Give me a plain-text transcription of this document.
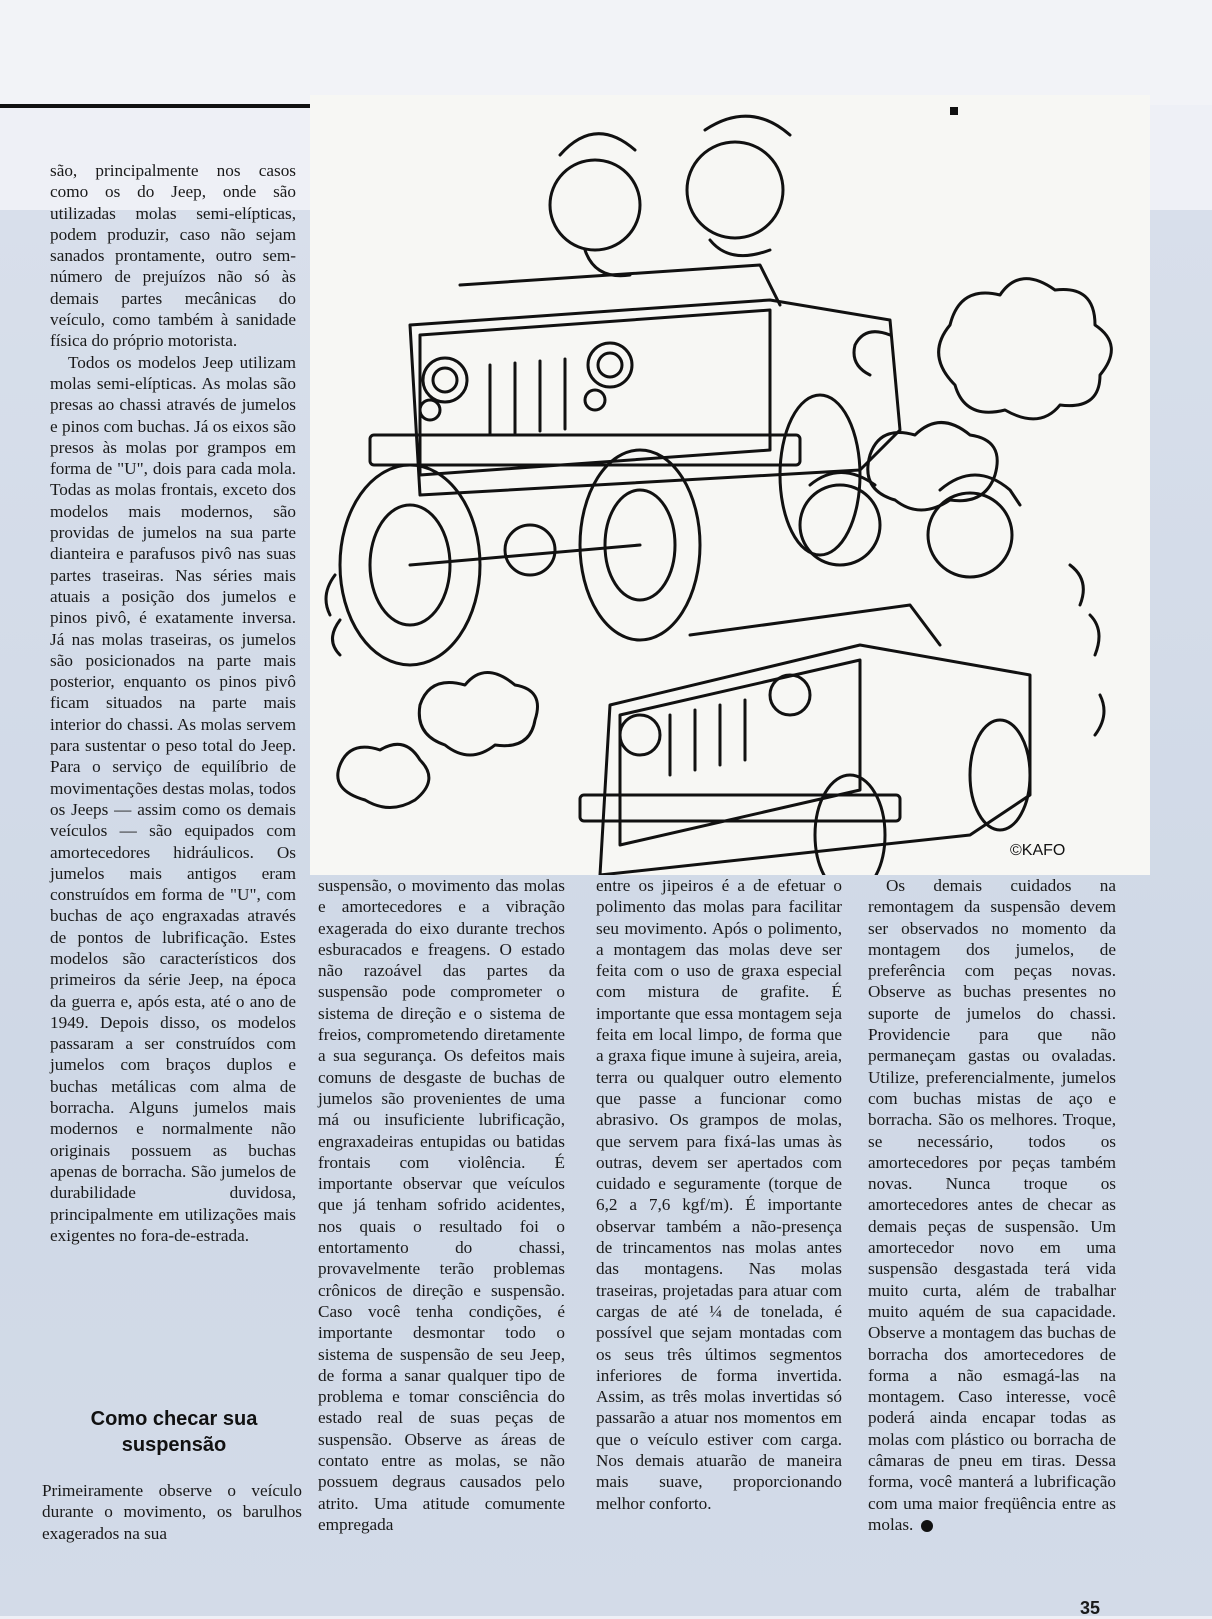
©KAFO

são, principalmente nos casos como os do Jeep, onde são utilizadas molas semi-elípticas, podem produzir, caso não sejam sanados prontamente, outro sem-número de prejuízos não só às demais partes mecânicas do veículo, como também à sanidade física do próprio motorista.

Todos os modelos Jeep utilizam molas semi-elípticas. As molas são presas ao chassi através de jumelos e pinos com buchas. Já os eixos são presos às molas por grampos em forma de "U", dois para cada mola. Todas as molas frontais, exceto dos modelos mais modernos, são providas de jumelos na sua parte dianteira e parafusos pivô nas suas partes traseiras. Nas séries mais atuais a posição dos jumelos e pinos pivô, é exatamente inversa. Já nas molas traseiras, os jumelos são posicionados na parte mais posterior, enquanto os pinos pivô ficam situados na parte mais interior do chassi. As molas servem para sustentar o peso total do Jeep. Para o serviço de equilíbrio de movimentações destas molas, todos os Jeeps — assim como os demais veículos — são equipados com amortecedores hidráulicos. Os jumelos mais antigos eram construídos em forma de "U", com buchas de aço engraxadas através de pontos de lubrificação. Estes modelos são característicos dos primeiros da série Jeep, na época da guerra e, após esta, até o ano de 1949. Depois disso, os modelos passaram a ser construídos com jumelos com braços duplos e buchas metálicas com alma de borracha. Alguns jumelos mais modernos e normalmente não originais possuem as buchas apenas de borracha. São jumelos de durabilidade duvidosa, principalmente em utilizações mais exigentes no fora-de-estrada.

Como checar sua suspensão

Primeiramente observe o veículo durante o movimento, os barulhos exagerados na sua

suspensão, o movimento das molas e amortecedores e a vibração exagerada do eixo durante trechos esburacados e freagens. O estado não razoável das partes da suspensão pode comprometer o sistema de direção e o sistema de freios, comprometendo diretamente a sua segurança. Os defeitos mais comuns de desgaste de buchas de jumelos são provenientes de uma má ou insuficiente lubrificação, engraxadeiras entupidas ou batidas frontais com violência. É importante observar que veículos que já tenham sofrido acidentes, nos quais o resultado foi o entortamento do chassi, provavelmente terão problemas crônicos de direção e suspensão. Caso você tenha condições, é importante desmontar todo o sistema de suspensão de seu Jeep, de forma a sanar qualquer tipo de problema e tomar consciência do estado real de suas peças de suspensão. Observe as áreas de contato entre as molas, se não possuem degraus causados pelo atrito. Uma atitude comumente empregada

entre os jipeiros é a de efetuar o polimento das molas para facilitar seu movimento. Após o polimento, a montagem das molas deve ser feita com o uso de graxa especial com mistura de grafite. É importante que essa montagem seja feita em local limpo, de forma que a graxa fique imune à sujeira, areia, terra ou qualquer outro elemento que passe a funcionar como abrasivo. Os grampos de molas, que servem para fixá-las umas às outras, devem ser apertados com cuidado e seguramente (torque de 6,2 a 7,6 kgf/m). É importante observar também a não-presença de trincamentos nas molas antes das montagens. Nas molas traseiras, projetadas para atuar com cargas de até ¼ de tonelada, é possível que sejam montadas com os seus três últimos segmentos inferiores de forma invertida. Assim, as três molas invertidas só passarão a atuar nos momentos em que o veículo estiver com carga. Nos demais atuarão de maneira mais suave, proporcionando melhor conforto.

Os demais cuidados na remontagem da suspensão devem ser observados no momento da montagem dos jumelos, de preferência com peças novas. Observe as buchas presentes no suporte de jumelos do chassi. Providencie para que não permaneçam gastas ou ovaladas. Utilize, preferencialmente, jumelos com buchas mistas de aço e borracha. São os melhores. Troque, se necessário, todos os amortecedores por peças também novas. Nunca troque os amortecedores antes de checar as demais peças de suspensão. Um amortecedor novo em uma suspensão desgastada terá vida muito curta, além de trabalhar muito aquém de sua capacidade. Observe a montagem das buchas de borracha dos amortecedores de forma a não esmagá-las na montagem. Caso interesse, você poderá ainda encapar todas as molas com plástico ou borracha de câmaras de pneu em tiras. Dessa forma, você manterá a lubrificação com uma maior freqüência entre as molas.

35
